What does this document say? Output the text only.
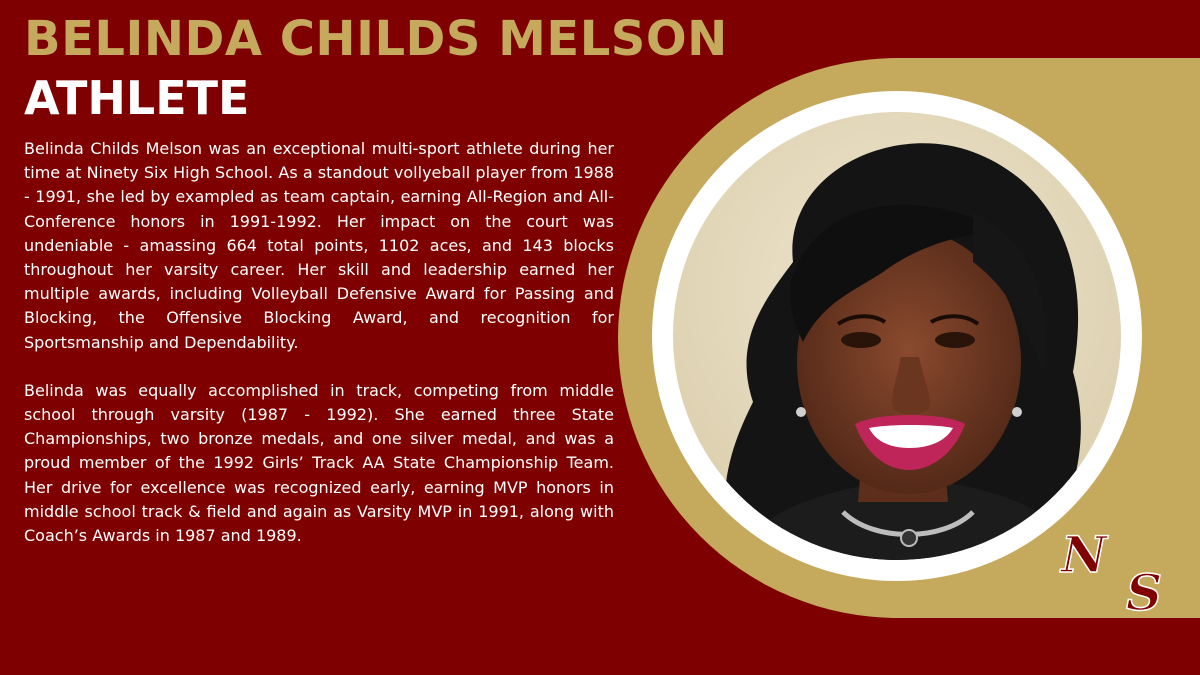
BELINDA CHILDS MELSON
ATHLETE

Belinda Childs Melson was an exceptional multi-sport athlete during her time at Ninety Six High School. As a standout vollyeball player from 1988 - 1991, she led by exampled as team captain, earning All-Region and All-Conference honors in 1991-1992. Her impact on the court was undeniable - amassing 664 total points, 1102 aces, and 143 blocks throughout her varsity career. Her skill and leadership earned her multiple awards, including Volleyball Defensive Award for Passing and Blocking, the Offensive Blocking Award, and recognition for Sportsmanship and Dependability.

Belinda was equally accomplished in track, competing from middle school through varsity (1987 - 1992). She earned three State Championships, two bronze medals, and one silver medal, and was a proud member of the 1992 Girls’ Track AA State Championship Team. Her drive for excellence was recognized early, earning MVP honors in middle school track & field and again as Varsity MVP in 1991, along with Coach’s Awards in 1987 and 1989.	N
S
